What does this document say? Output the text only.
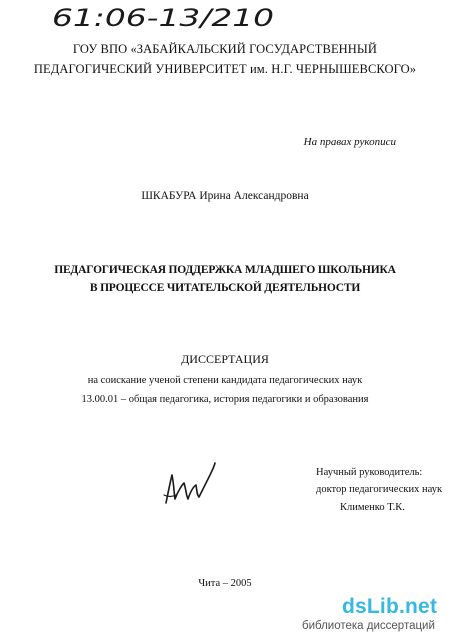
61:06-13/210
ГОУ ВПО «ЗАБАЙКАЛЬСКИЙ ГОСУДАРСТВЕННЫЙ
ПЕДАГОГИЧЕСКИЙ УНИВЕРСИТЕТ им. Н.Г. ЧЕРНЫШЕВСКОГО»
На правах рукописи
ШКАБУРА Ирина Александровна
ПЕДАГОГИЧЕСКАЯ ПОДДЕРЖКА МЛАДШЕГО ШКОЛЬНИКА
В ПРОЦЕССЕ ЧИТАТЕЛЬСКОЙ ДЕЯТЕЛЬНОСТИ
ДИССЕРТАЦИЯ
на соискание ученой степени кандидата педагогических наук
13.00.01 – общая педагогика, история педагогики и образования
Научный руководитель:
доктор педагогических наук
Клименко Т.К.
Чита – 2005
dsLib.net
библиотека диссертаций
